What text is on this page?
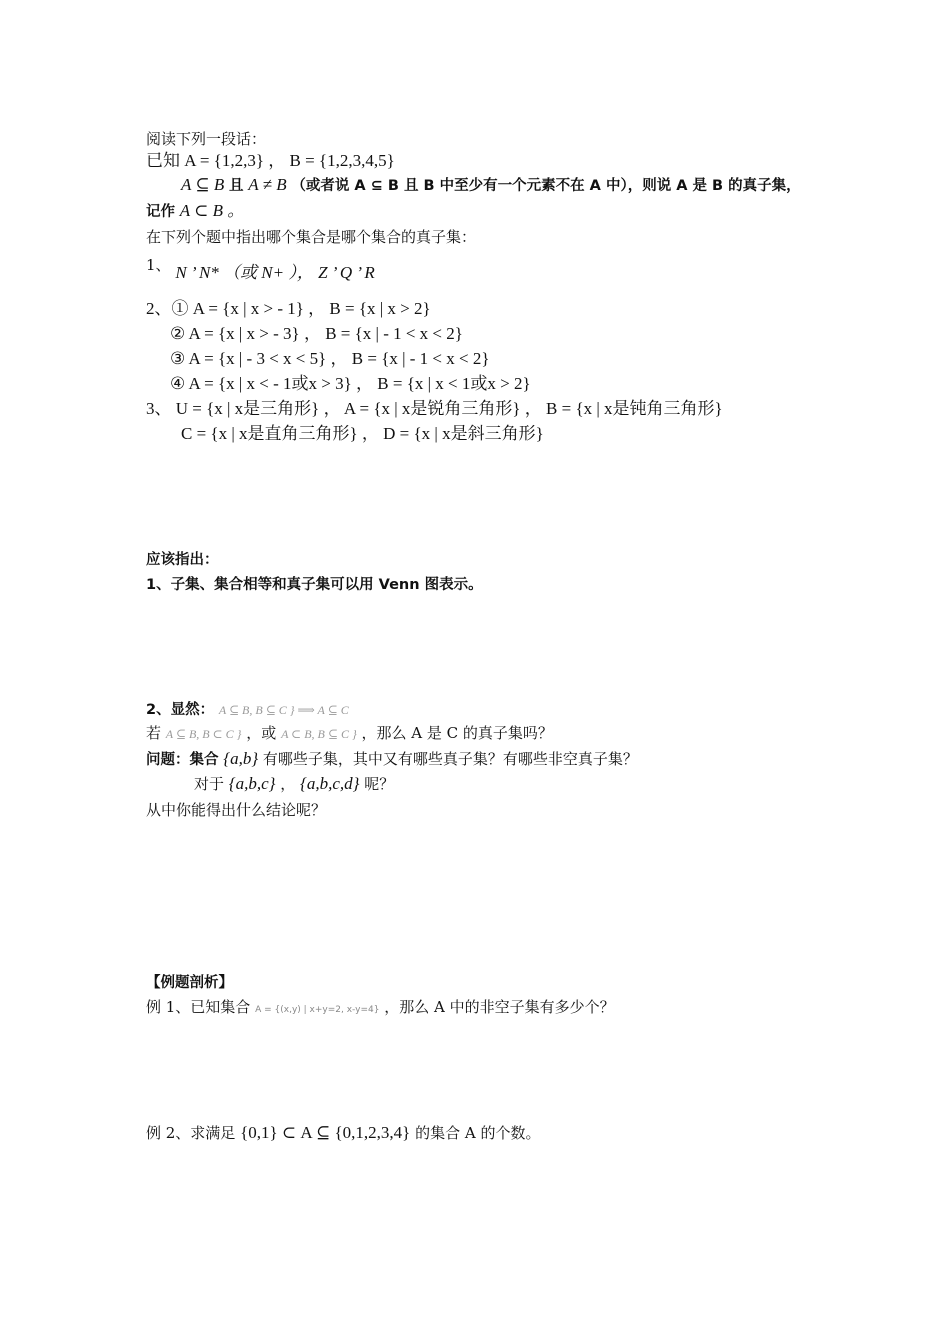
阅读下列一段话：
已知 A = {1,2,3} ， B = {1,2,3,4,5}
A ⊆ B 且 A ≠ B （或者说 A ⊆ B 且 B 中至少有一个元素不在 A 中），则说 A 是 B 的真子集，
记作 A ⊂ B 。
在下列个题中指出哪个集合是哪个集合的真子集：
1、 N ’ N* （或 N+ ）， Z ’ Q ’ R
2、① A = {x | x > - 1} ， B = {x | x > 2}
② A = {x | x > - 3} ， B = {x | - 1 < x < 2}
③ A = {x | - 3 < x < 5} ， B = {x | - 1 < x < 2}
④ A = {x | x < - 1或x > 3} ， B = {x | x < 1或x > 2}
3、 U = {x | x是三角形} ， A = {x | x是锐角三角形} ， B = {x | x是钝角三角形}
C = {x | x是直角三角形} ， D = {x | x是斜三角形}
应该指出：
1、子集、集合相等和真子集可以用 Venn 图表示。
2、显然： A ⊆ B, B ⊆ C } ⟹ A ⊆ C
若 A ⊆ B, B ⊂ C } ，或 A ⊂ B, B ⊆ C } ，那么 A 是 C 的真子集吗？
问题：集合 {a,b} 有哪些子集，其中又有哪些真子集？有哪些非空真子集？
对于 {a,b,c} ， {a,b,c,d} 呢？
从中你能得出什么结论呢？
【例题剖析】
例 1、已知集合 A = {(x,y) | x+y=2, x-y=4} ，那么 A 中的非空子集有多少个？
例 2、求满足 {0,1} ⊂ A ⊆ {0,1,2,3,4} 的集合 A 的个数。
